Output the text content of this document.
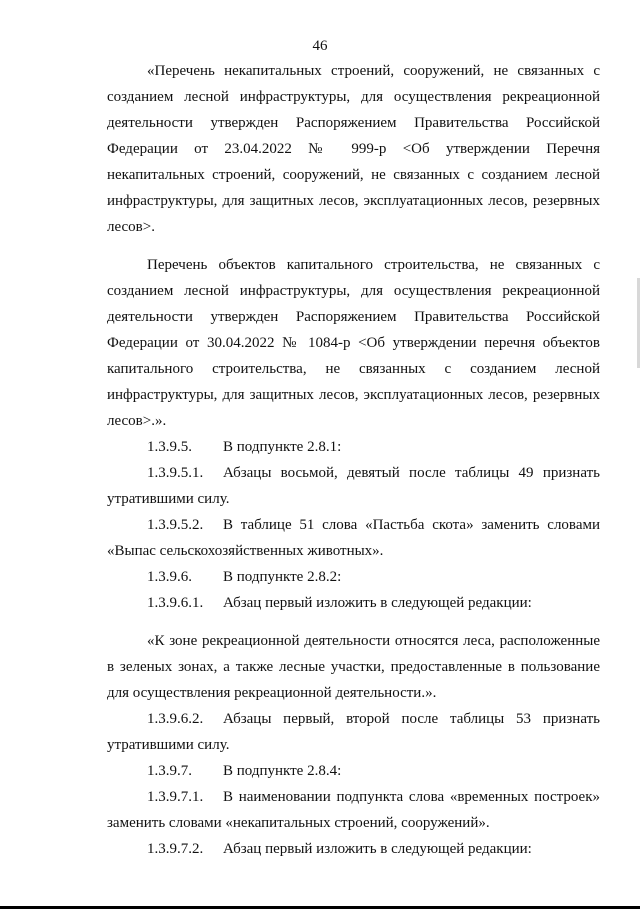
46

«Перечень некапитальных строений, сооружений, не связанных с созданием лесной инфраструктуры, для осуществления рекреационной деятельности утвержден Распоряжением Правительства Российской Федерации от 23.04.2022 № 999-р <Об утверждении Перечня некапитальных строений, сооружений, не связанных с созданием лесной инфраструктуры, для защитных лесов, эксплуатационных лесов, резервных лесов>.

Перечень объектов капитального строительства, не связанных с созданием лесной инфраструктуры, для осуществления рекреационной деятельности утвержден Распоряжением Правительства Российской Федерации от 30.04.2022 № 1084-р <Об утверждении перечня объектов капитального строительства, не связанных с созданием лесной инфраструктуры, для защитных лесов, эксплуатационных лесов, резервных лесов>.».

1.3.9.5. В подпункте 2.8.1:

1.3.9.5.1. Абзацы восьмой, девятый после таблицы 49 признать утратившими силу.

1.3.9.5.2. В таблице 51 слова «Пастьба скота» заменить словами «Выпас сельскохозяйственных животных».

1.3.9.6. В подпункте 2.8.2:

1.3.9.6.1. Абзац первый изложить в следующей редакции:

«К зоне рекреационной деятельности относятся леса, расположенные в зеленых зонах, а также лесные участки, предоставленные в пользование для осуществления рекреационной деятельности.».

1.3.9.6.2. Абзацы первый, второй после таблицы 53 признать утратившими силу.

1.3.9.7. В подпункте 2.8.4:

1.3.9.7.1. В наименовании подпункта слова «временных построек» заменить словами «некапитальных строений, сооружений».

1.3.9.7.2. Абзац первый изложить в следующей редакции:
